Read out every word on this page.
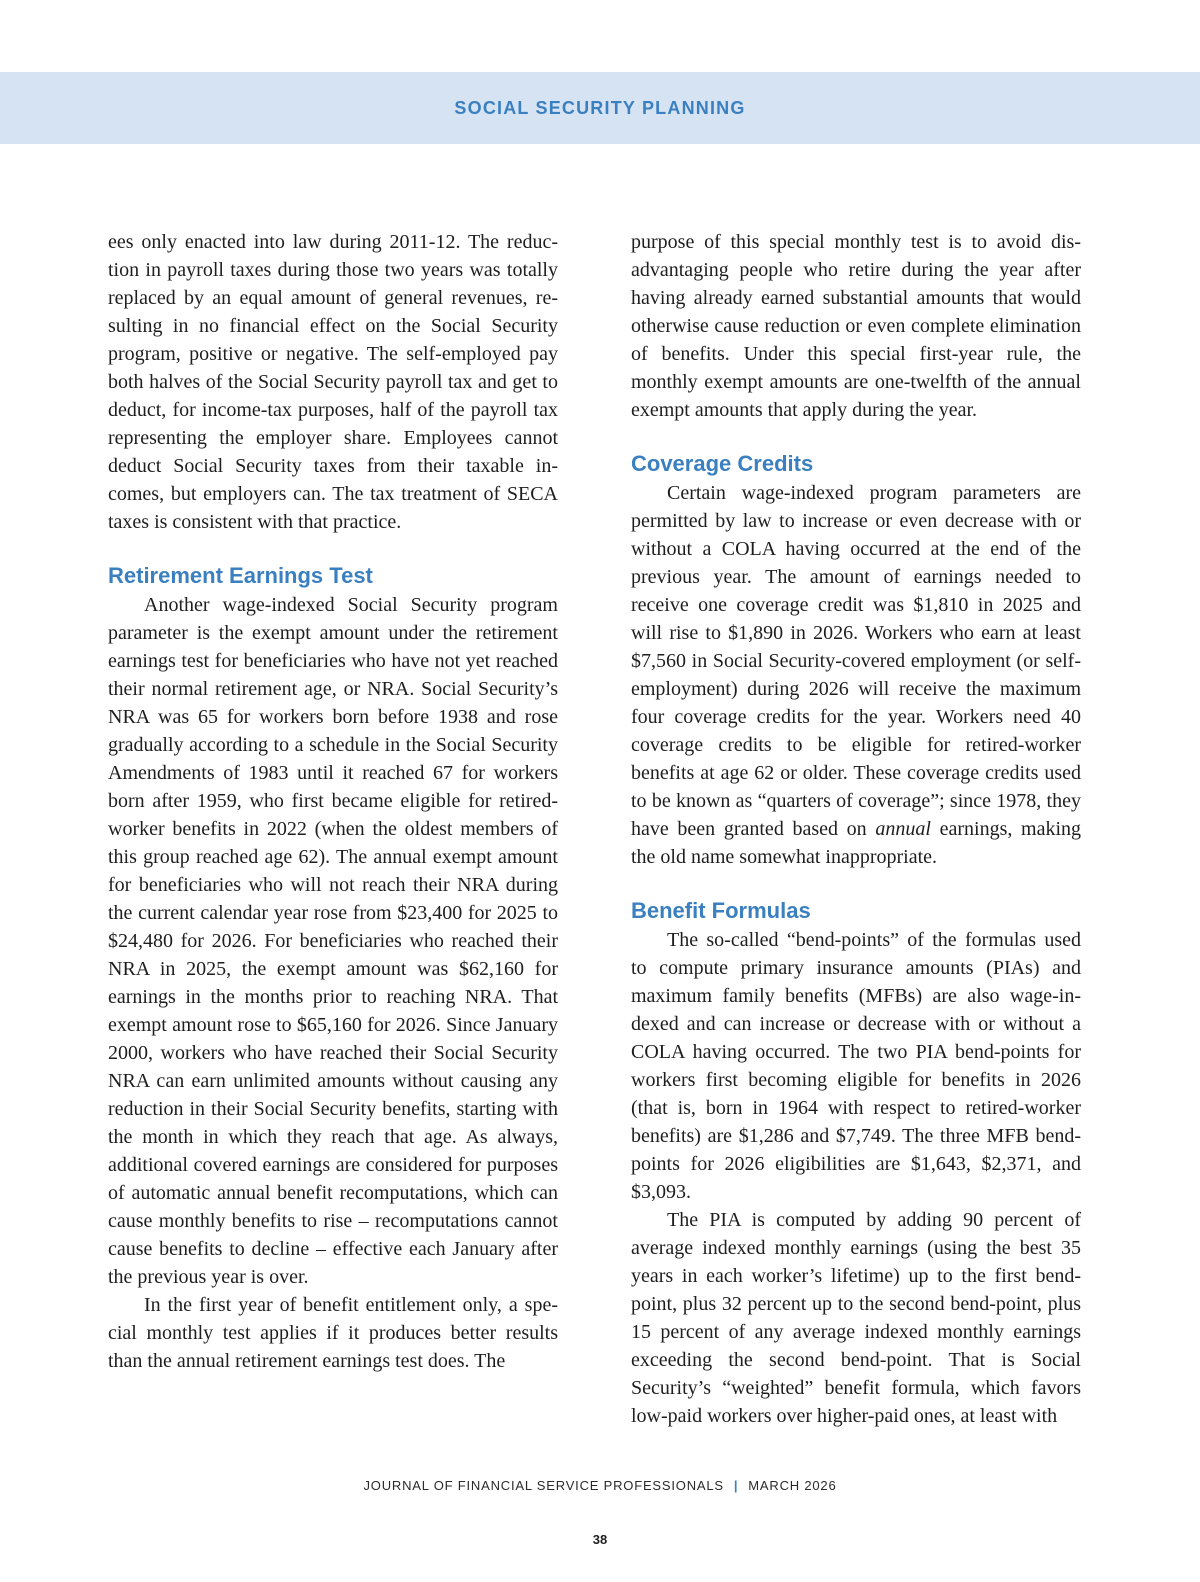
SOCIAL SECURITY PLANNING

ees only enacted into law during 2011-12. The reduction in payroll taxes during those two years was totally replaced by an equal amount of general revenues, resulting in no financial effect on the Social Security program, positive or negative. The self-employed pay both halves of the Social Security payroll tax and get to deduct, for income-tax purposes, half of the payroll tax representing the employer share. Employees cannot deduct Social Security taxes from their taxable incomes, but employers can. The tax treatment of SECA taxes is consistent with that practice.

Retirement Earnings Test

Another wage-indexed Social Security program parameter is the exempt amount under the retirement earnings test for beneficiaries who have not yet reached their normal retirement age, or NRA. Social Security’s NRA was 65 for workers born before 1938 and rose gradually according to a schedule in the Social Security Amendments of 1983 until it reached 67 for workers born after 1959, who first became eligible for retired-worker benefits in 2022 (when the oldest members of this group reached age 62). The annual exempt amount for beneficiaries who will not reach their NRA during the current calendar year rose from $23,400 for 2025 to $24,480 for 2026. For beneficiaries who reached their NRA in 2025, the exempt amount was $62,160 for earnings in the months prior to reaching NRA. That exempt amount rose to $65,160 for 2026. Since January 2000, workers who have reached their Social Security NRA can earn unlimited amounts without causing any reduction in their Social Security benefits, starting with the month in which they reach that age. As always, additional covered earnings are considered for purposes of automatic annual benefit recomputations, which can cause monthly benefits to rise – recomputations cannot cause benefits to decline – effective each January after the previous year is over.

In the first year of benefit entitlement only, a special monthly test applies if it produces better results than the annual retirement earnings test does. The

purpose of this special monthly test is to avoid disadvantaging people who retire during the year after having already earned substantial amounts that would otherwise cause reduction or even complete elimination of benefits. Under this special first-year rule, the monthly exempt amounts are one-twelfth of the annual exempt amounts that apply during the year.

Coverage Credits

Certain wage-indexed program parameters are permitted by law to increase or even decrease with or without a COLA having occurred at the end of the previous year. The amount of earnings needed to receive one coverage credit was $1,810 in 2025 and will rise to $1,890 in 2026. Workers who earn at least $7,560 in Social Security-covered employment (or self-employment) during 2026 will receive the maximum four coverage credits for the year. Workers need 40 coverage credits to be eligible for retired-worker benefits at age 62 or older. These coverage credits used to be known as “quarters of coverage”; since 1978, they have been granted based on annual earnings, making the old name somewhat inappropriate.

Benefit Formulas

The so-called “bend-points” of the formulas used to compute primary insurance amounts (PIAs) and maximum family benefits (MFBs) are also wage-indexed and can increase or decrease with or without a COLA having occurred. The two PIA bend-points for workers first becoming eligible for benefits in 2026 (that is, born in 1964 with respect to retired-worker benefits) are $1,286 and $7,749. The three MFB bend-points for 2026 eligibilities are $1,643, $2,371, and $3,093.

The PIA is computed by adding 90 percent of average indexed monthly earnings (using the best 35 years in each worker’s lifetime) up to the first bend-point, plus 32 percent up to the second bend-point, plus 15 percent of any average indexed monthly earnings exceeding the second bend-point. That is Social Security’s “weighted” benefit formula, which favors low-paid workers over higher-paid ones, at least with

JOURNAL OF FINANCIAL SERVICE PROFESSIONALS | MARCH 2026
38
